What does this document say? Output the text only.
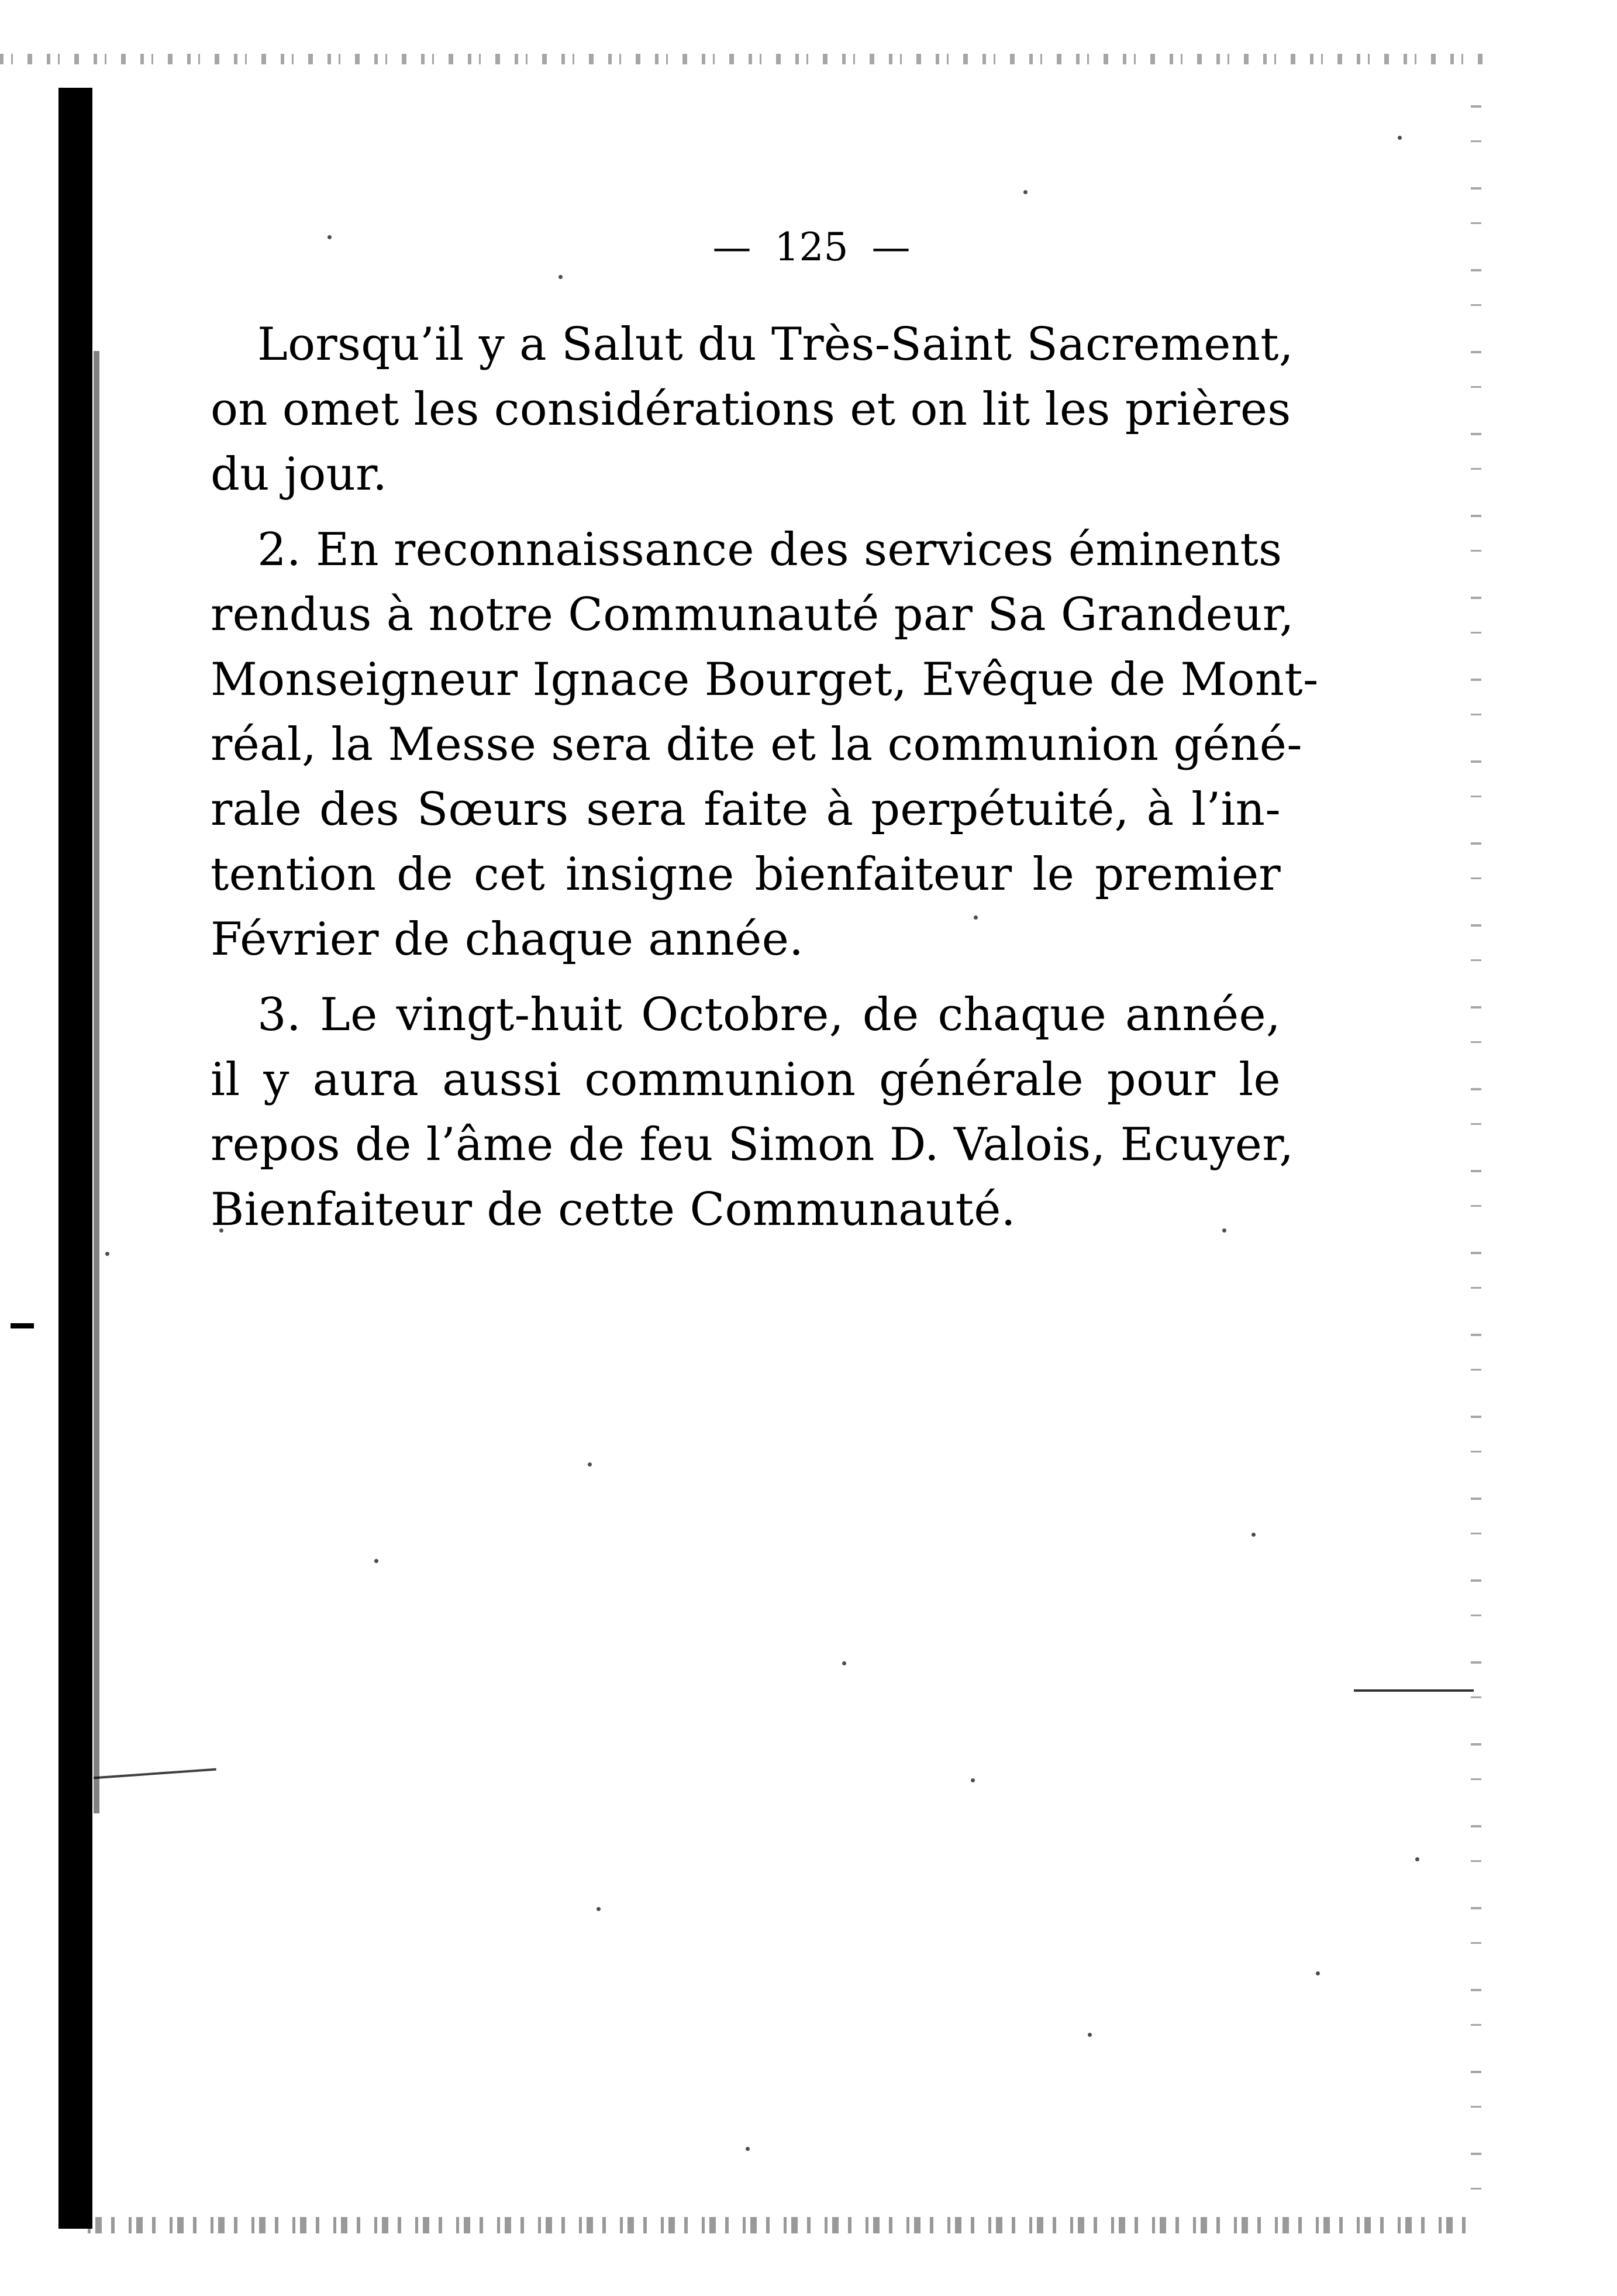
— 125 —
Lorsqu’il y a Salut du Très-Saint Sacrement,
on omet les considérations et on lit les prières
du jour.
2. En reconnaissance des services éminents
rendus à notre Communauté par Sa Grandeur,
Monseigneur Ignace Bourget, Evêque de Mont-
réal, la Messe sera dite et la communion géné-
rale des Sœurs sera faite à perpétuité, à l’in-
tention de cet insigne bienfaiteur le premier
Février de chaque année.
3. Le vingt-huit Octobre, de chaque année,
il y aura aussi communion générale pour le
repos de l’âme de feu Simon D. Valois, Ecuyer,
Bienfaiteur de cette Communauté.
